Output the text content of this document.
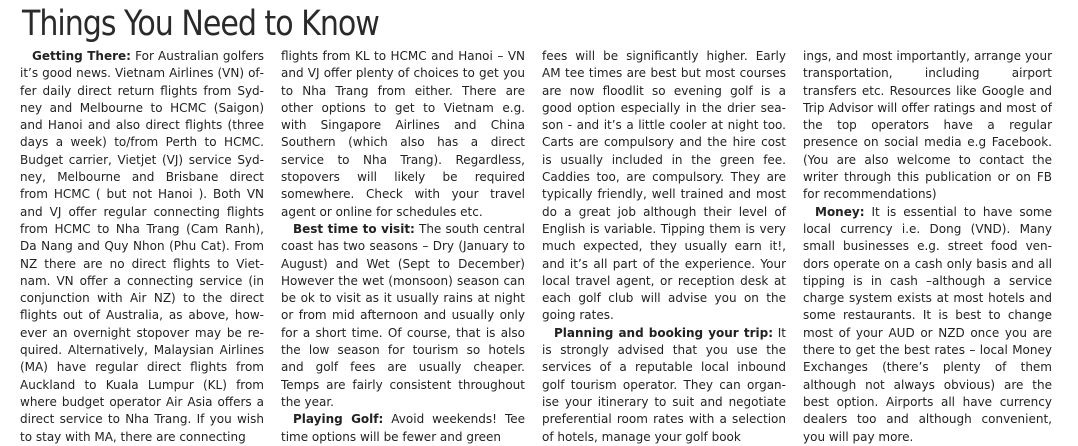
Things You Need to Know

Getting There: For Australian golfers it’s good news. Vietnam Airlines (VN) offer daily direct return flights from Sydney and Melbourne to HCMC (Saigon) and Hanoi and also direct flights (three days a week) to/from Perth to HCMC. Budget carrier, Vietjet (VJ) service Sydney, Melbourne and Brisbane direct from HCMC ( but not Hanoi ). Both VN and VJ offer regular connecting flights from HCMC to Nha Trang (Cam Ranh), Da Nang and Quy Nhon (Phu Cat). From NZ there are no direct flights to Vietnam. VN offer a connecting service (in conjunction with Air NZ) to the direct flights out of Australia, as above, however an overnight stopover may be required. Alternatively, Malaysian Airlines (MA) have regular direct flights from Auckland to Kuala Lumpur (KL) from where budget operator Air Asia offers a direct service to Nha Trang. If you wish to stay with MA, there are connecting

flights from KL to HCMC and Hanoi – VN and VJ offer plenty of choices to get you to Nha Trang from either. There are other options to get to Vietnam e.g. with Singapore Airlines and China Southern (which also has a direct service to Nha Trang). Regardless, stopovers will likely be required somewhere. Check with your travel agent or online for schedules etc.

Best time to visit: The south central coast has two seasons – Dry (January to August) and Wet (Sept to December) However the wet (monsoon) season can be ok to visit as it usually rains at night or from mid afternoon and usually only for a short time. Of course, that is also the low season for tourism so hotels and golf fees are usually cheaper. Temps are fairly consistent throughout the year.

Playing Golf: Avoid weekends! Tee time options will be fewer and green

fees will be significantly higher. Early AM tee times are best but most courses are now floodlit so evening golf is a good option especially in the drier season - and it’s a little cooler at night too. Carts are compulsory and the hire cost is usually included in the green fee. Caddies too, are compulsory. They are typically friendly, well trained and most do a great job although their level of English is variable. Tipping them is very much expected, they usually earn it!, and it’s all part of the experience. Your local travel agent, or reception desk at each golf club will advise you on the going rates.

Planning and booking your trip: It is strongly advised that you use the services of a reputable local inbound golf tourism operator. They can organise your itinerary to suit and negotiate preferential room rates with a selection of hotels, manage your golf book

ings, and most importantly, arrange your transportation, including airport transfers etc. Resources like Google and Trip Advisor will offer ratings and most of the top operators have a regular presence on social media e.g Facebook. (You are also welcome to contact the writer through this publication or on FB for recommendations)

Money: It is essential to have some local currency i.e. Dong (VND). Many small businesses e.g. street food vendors operate on a cash only basis and all tipping is in cash –although a service charge system exists at most hotels and some restaurants. It is best to change most of your AUD or NZD once you are there to get the best rates – local Money Exchanges (there’s plenty of them although not always obvious) are the best option. Airports all have currency dealers too and although convenient, you will pay more.
